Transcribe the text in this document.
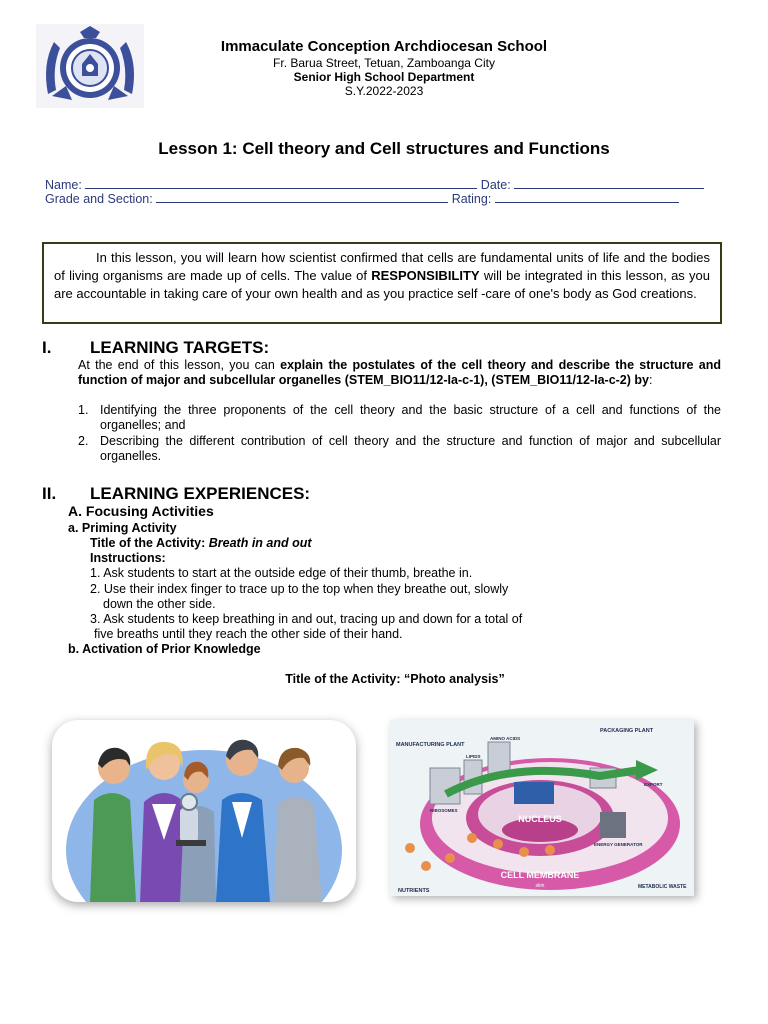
Immaculate Conception Archdiocesan School
Fr. Barua Street, Tetuan, Zamboanga City
Senior High School Department
S.Y.2022-2023
Lesson 1: Cell theory and Cell structures and Functions
Name:	Date:
Grade and Section:	Rating:
In this lesson, you will learn how scientist confirmed that cells are fundamental units of life and the bodies of living organisms are made up of cells. The value of RESPONSIBILITY will be integrated in this lesson, as you are accountable in taking care of your own health and as you practice self -care of one's body as God creations.
I. LEARNING TARGETS:
At the end of this lesson, you can explain the postulates of the cell theory and describe the structure and function of major and subcellular organelles (STEM_BIO11/12-Ia-c-1), (STEM_BIO11/12-Ia-c-2) by:
1. Identifying the three proponents of the cell theory and the basic structure of a cell and functions of the organelles; and
2. Describing the different contribution of cell theory and the structure and function of major and subcellular organelles.
II. LEARNING EXPERIENCES:
A. Focusing Activities
a. Priming Activity
Title of the Activity: Breath in and out
Instructions:
1. Ask students to start at the outside edge of their thumb, breathe in.
2. Use their index finger to trace up to the top when they breathe out, slowly
down the other side.
3. Ask students to keep breathing in and out, tracing up and down for a total of
five breaths until they reach the other side of their hand.
b. Activation of Prior Knowledge
Title of the Activity: “Photo analysis”
NUCLEUS
CELL MEMBRANE
skin
MANUFACTURING PLANT
PACKAGING PLANT
NUTRIENTS
METABOLIC WASTE
RIBOSOMES
LIPIDS
AMINO ACIDS
ENERGY GENERATOR
EXPORT
